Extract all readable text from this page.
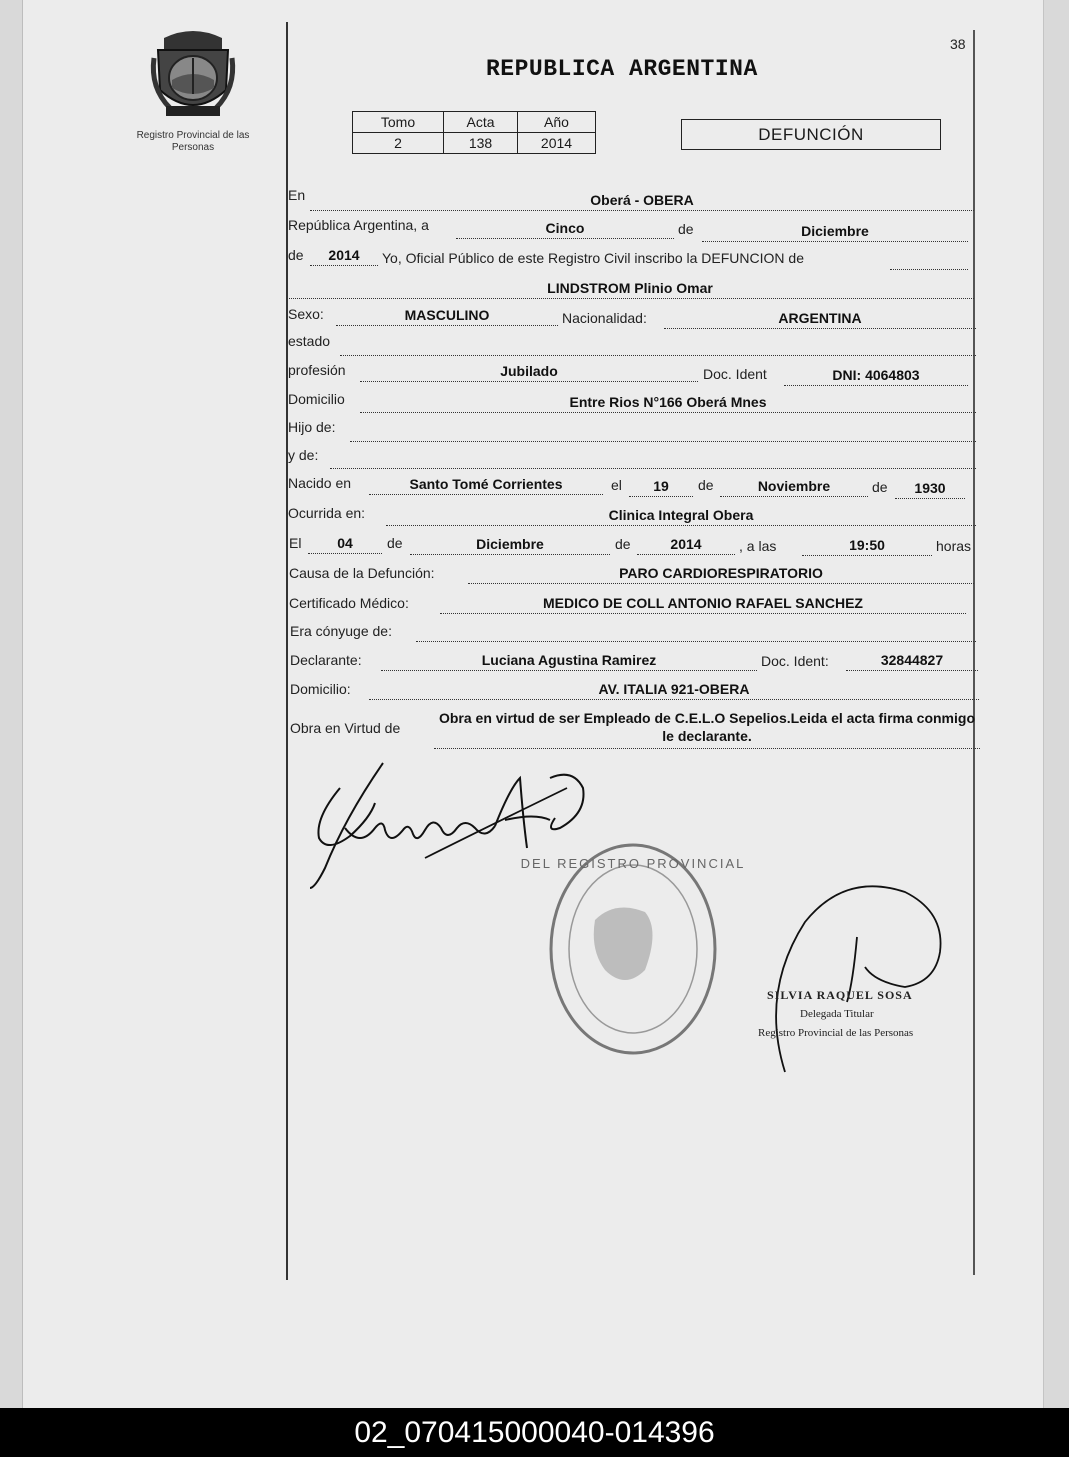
Registro Provincial de las Personas
38
REPUBLICA ARGENTINA
Tomo	Acta	Año
2	138	2014	DEFUNCIÓN
En	Oberá - OBERA
República Argentina, a	Cinco	de	Diciembre
de	2014	Yo, Oficial Público de este Registro Civil inscribo la DEFUNCION de
LINDSTROM Plinio Omar
Sexo:	MASCULINO	Nacionalidad:	ARGENTINA
estado
profesión	Jubilado	Doc. Ident	DNI: 4064803
Domicilio	Entre Rios N°166 Oberá Mnes
Hijo de:
y de:
Nacido en	Santo Tomé Corrientes	el	19	de	Noviembre	de	1930
Ocurrida en:	Clinica Integral Obera
El	04	de	Diciembre	de	2014	, a las	19:50	horas
Causa de la Defunción:	PARO CARDIORESPIRATORIO
Certificado Médico:	MEDICO DE COLL ANTONIO RAFAEL SANCHEZ
Era cónyuge de:
Declarante:	Luciana Agustina Ramirez	Doc. Ident:	32844827
Domicilio:	AV. ITALIA 921-OBERA
Obra en Virtud de
Obra en virtud de ser Empleado de C.E.L.O Sepelios.Leida el acta firma conmigo le declarante.
DEL REGISTRO PROVINCIAL
SILVIA RAQUEL SOSA
Delegada Titular
Registro Provincial de las Personas
02_070415000040-014396
